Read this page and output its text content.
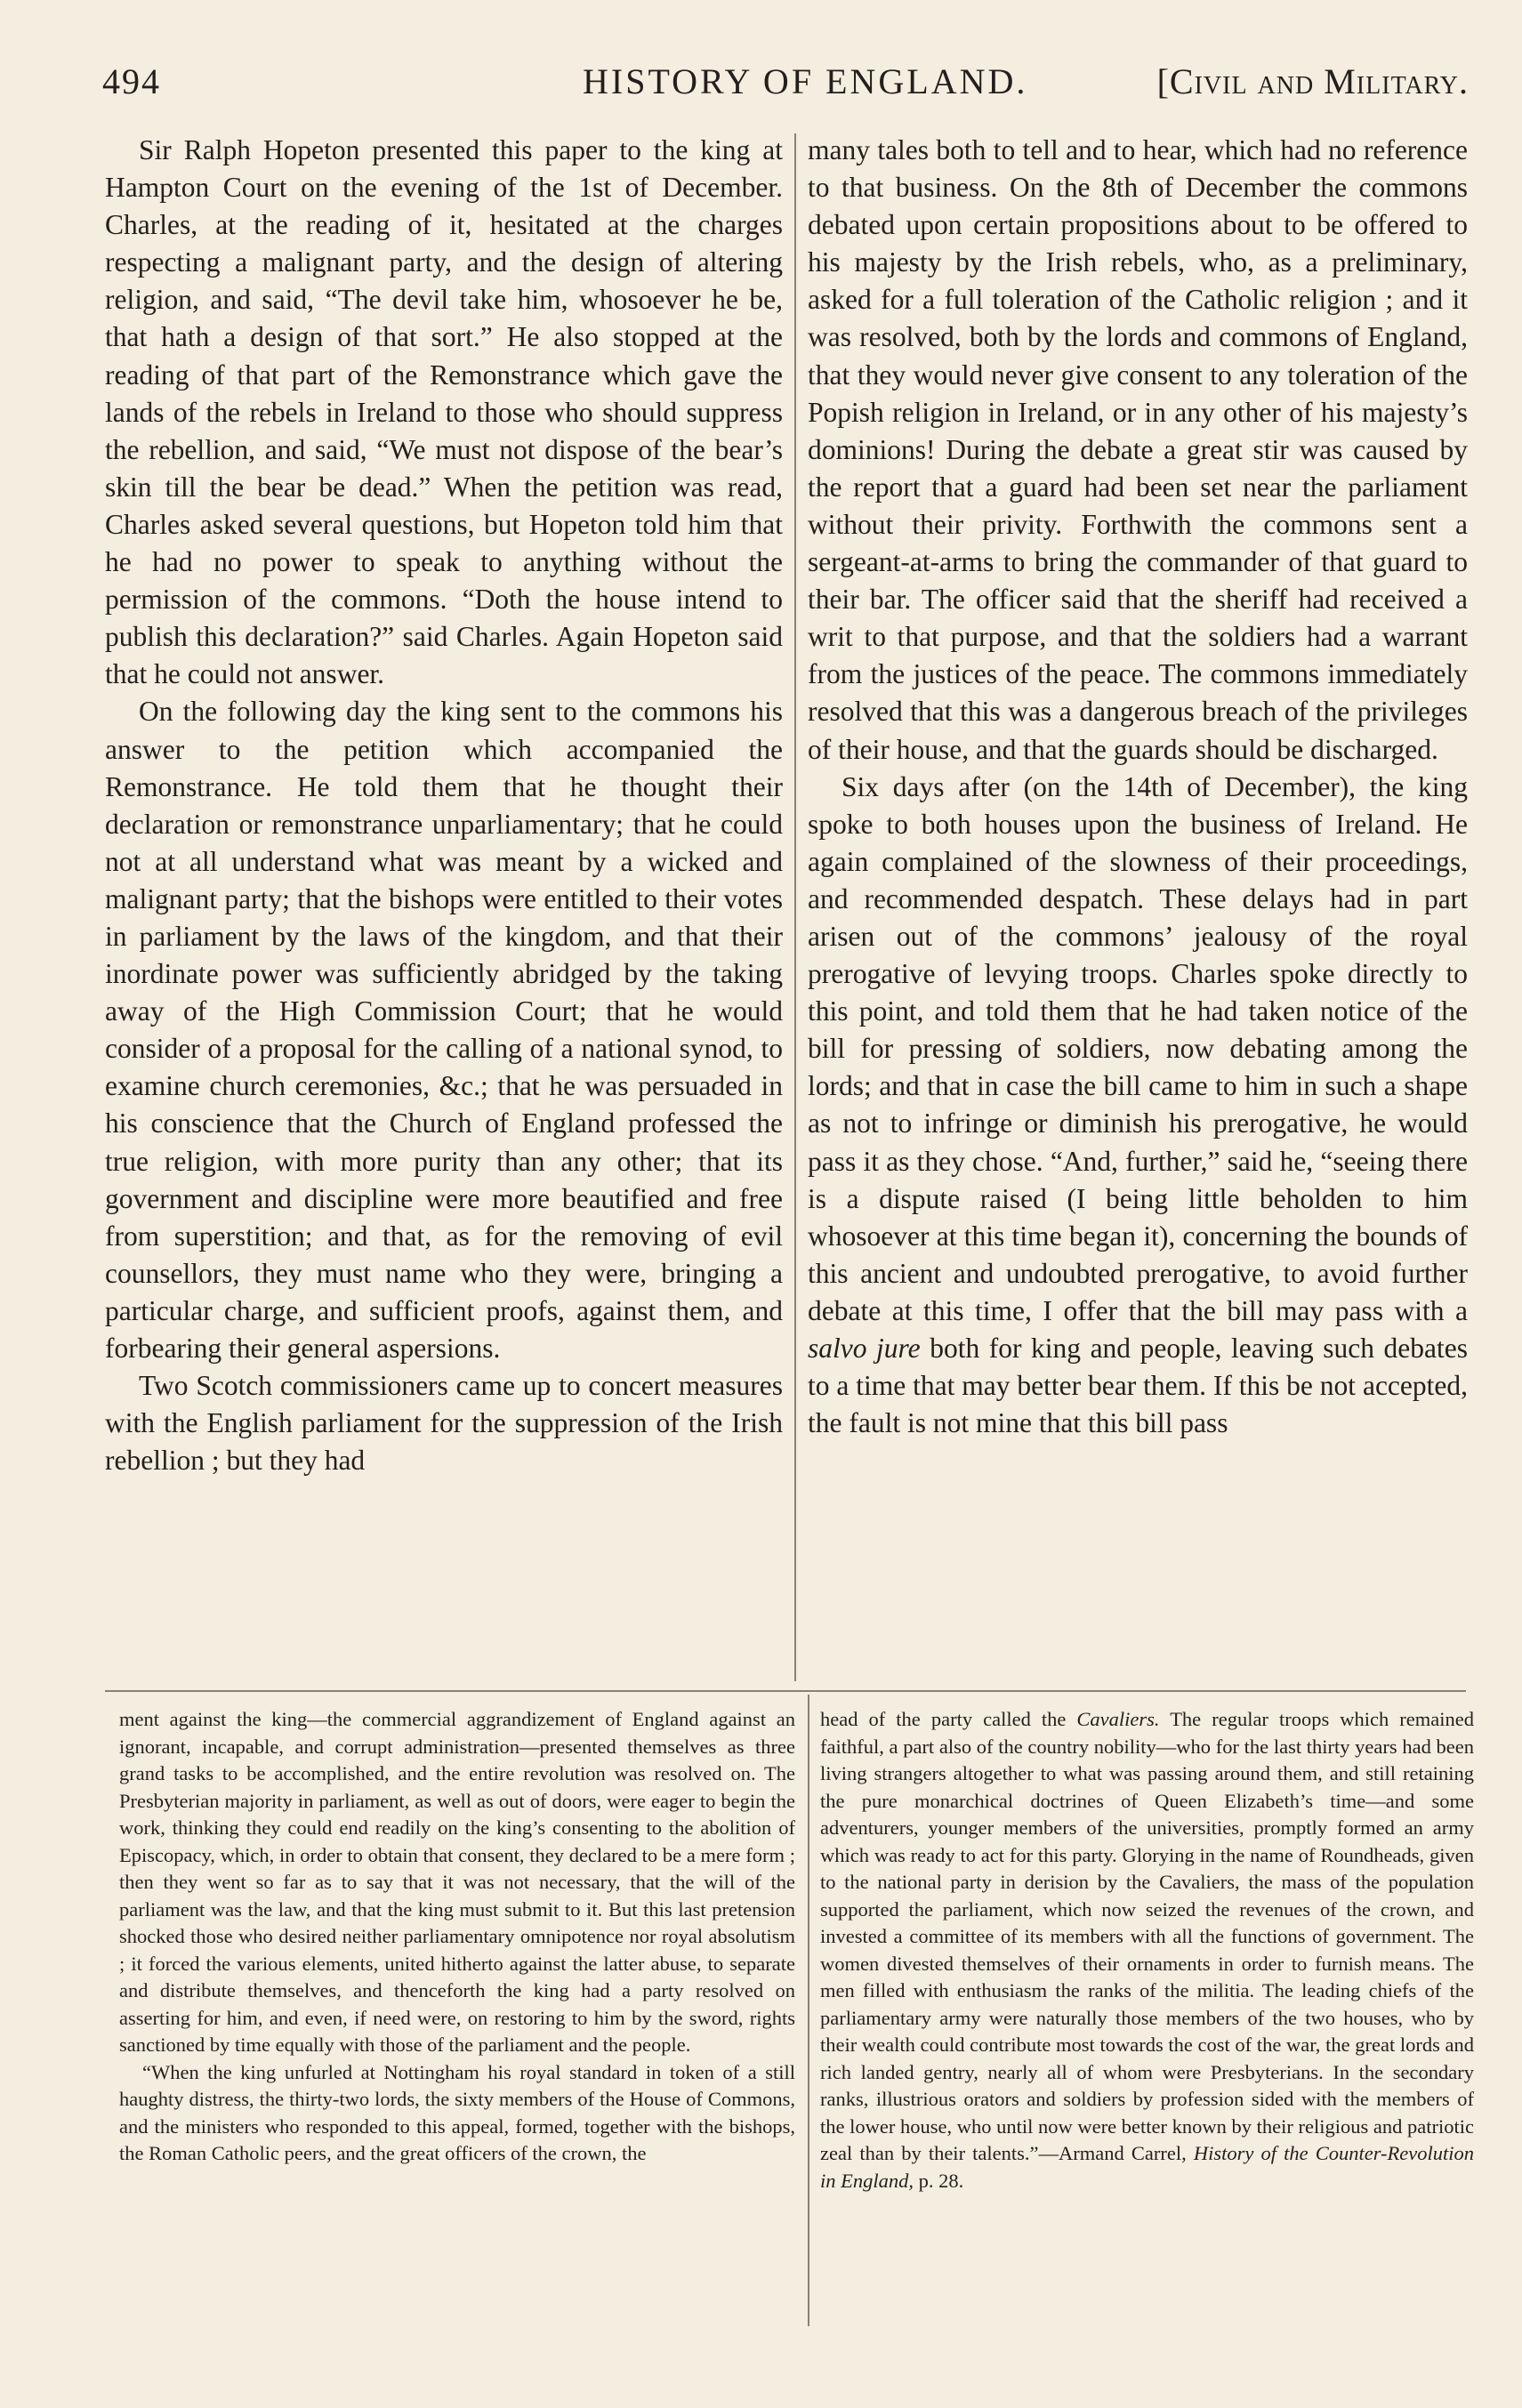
494	HISTORY OF ENGLAND.	[Civil and Military.

Sir Ralph Hopeton presented this paper to the king at Hampton Court on the evening of the 1st of December. Charles, at the reading of it, hesitated at the charges respecting a malignant party, and the design of altering religion, and said, “The devil take him, whosoever he be, that hath a design of that sort.” He also stopped at the reading of that part of the Remonstrance which gave the lands of the rebels in Ireland to those who should suppress the rebellion, and said, “We must not dispose of the bear’s skin till the bear be dead.” When the petition was read, Charles asked several questions, but Hopeton told him that he had no power to speak to anything without the permission of the commons. “Doth the house intend to publish this declaration?” said Charles. Again Hopeton said that he could not answer.

On the following day the king sent to the commons his answer to the petition which accompanied the Remonstrance. He told them that he thought their declaration or remonstrance unparliamentary; that he could not at all understand what was meant by a wicked and malignant party; that the bishops were entitled to their votes in parliament by the laws of the kingdom, and that their inordinate power was sufficiently abridged by the taking away of the High Commission Court; that he would consider of a proposal for the calling of a national synod, to examine church ceremonies, &c.; that he was persuaded in his conscience that the Church of England professed the true religion, with more purity than any other; that its government and discipline were more beautified and free from superstition; and that, as for the removing of evil counsellors, they must name who they were, bringing a particular charge, and sufficient proofs, against them, and forbearing their general aspersions.

Two Scotch commissioners came up to concert measures with the English parliament for the suppression of the Irish rebellion ; but they had

many tales both to tell and to hear, which had no reference to that business. On the 8th of December the commons debated upon certain propositions about to be offered to his majesty by the Irish rebels, who, as a preliminary, asked for a full toleration of the Catholic religion ; and it was resolved, both by the lords and commons of England, that they would never give consent to any toleration of the Popish religion in Ireland, or in any other of his majesty’s dominions! During the debate a great stir was caused by the report that a guard had been set near the parliament without their privity. Forthwith the commons sent a sergeant-at-arms to bring the commander of that guard to their bar. The officer said that the sheriff had received a writ to that purpose, and that the soldiers had a warrant from the justices of the peace. The commons immediately resolved that this was a dangerous breach of the privileges of their house, and that the guards should be discharged.

Six days after (on the 14th of December), the king spoke to both houses upon the business of Ireland. He again complained of the slowness of their proceedings, and recommended despatch. These delays had in part arisen out of the commons’ jealousy of the royal prerogative of levying troops. Charles spoke directly to this point, and told them that he had taken notice of the bill for pressing of soldiers, now debating among the lords; and that in case the bill came to him in such a shape as not to infringe or diminish his prerogative, he would pass it as they chose. “And, further,” said he, “seeing there is a dispute raised (I being little beholden to him whosoever at this time began it), concerning the bounds of this ancient and undoubted prerogative, to avoid further debate at this time, I offer that the bill may pass with a salvo jure both for king and people, leaving such debates to a time that may better bear them. If this be not accepted, the fault is not mine that this bill pass

ment against the king—the commercial aggrandizement of England against an ignorant, incapable, and corrupt administration—presented themselves as three grand tasks to be accomplished, and the entire revolution was resolved on. The Presbyterian majority in parliament, as well as out of doors, were eager to begin the work, thinking they could end readily on the king’s consenting to the abolition of Episcopacy, which, in order to obtain that consent, they declared to be a mere form ; then they went so far as to say that it was not necessary, that the will of the parliament was the law, and that the king must submit to it. But this last pretension shocked those who desired neither parliamentary omnipotence nor royal absolutism ; it forced the various elements, united hitherto against the latter abuse, to separate and distribute themselves, and thenceforth the king had a party resolved on asserting for him, and even, if need were, on restoring to him by the sword, rights sanctioned by time equally with those of the parliament and the people.

“When the king unfurled at Nottingham his royal standard in token of a still haughty distress, the thirty-two lords, the sixty members of the House of Commons, and the ministers who responded to this appeal, formed, together with the bishops, the Roman Catholic peers, and the great officers of the crown, the

head of the party called the Cavaliers. The regular troops which remained faithful, a part also of the country nobility—who for the last thirty years had been living strangers altogether to what was passing around them, and still retaining the pure monarchical doctrines of Queen Elizabeth’s time—and some adventurers, younger members of the universities, promptly formed an army which was ready to act for this party. Glorying in the name of Roundheads, given to the national party in derision by the Cavaliers, the mass of the population supported the parliament, which now seized the revenues of the crown, and invested a committee of its members with all the functions of government. The women divested themselves of their ornaments in order to furnish means. The men filled with enthusiasm the ranks of the militia. The leading chiefs of the parliamentary army were naturally those members of the two houses, who by their wealth could contribute most towards the cost of the war, the great lords and rich landed gentry, nearly all of whom were Presbyterians. In the secondary ranks, illustrious orators and soldiers by profession sided with the members of the lower house, who until now were better known by their religious and patriotic zeal than by their talents.”—Armand Carrel, History of the Counter-Revolution in England, p. 28.
